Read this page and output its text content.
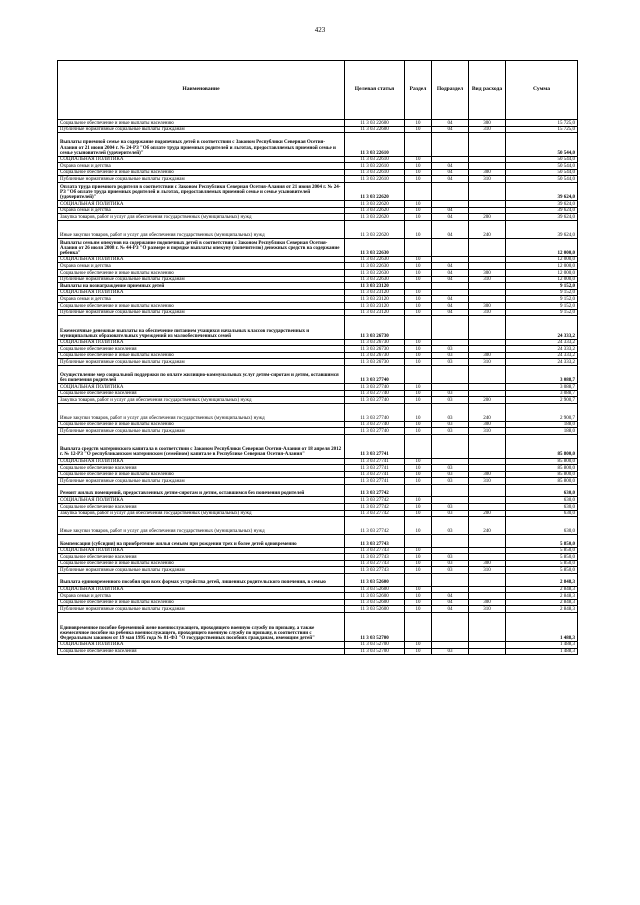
423
Наименование	Целевая статья	Раздел	Подраздел	Вид расхода	Сумма
Социальное обеспечение и иные выплаты населению	11 3 03 22600	10	04	300	15 725,0
Публичные нормативные социальные выплаты гражданам	11 3 03 22600	10	04	310	15 725,0
Выплаты приемной семье на содержание подопечных детей в соответствии с Законом Республики Северная Осетия-Алания от 21 июня 2004 г. № 24-РЗ "Об оплате труда приемных родителей и льготах, предоставляемых приемной семье и семье усыновителей (удочерителей)"	11 3 03 22610				50 544,0
СОЦИАЛЬНАЯ ПОЛИТИКА	11 3 03 22610	10			50 544,0
Охрана семьи и детства	11 3 03 22610	10	04		50 544,0
Социальное обеспечение и иные выплаты населению	11 3 03 22610	10	04	300	50 544,0
Публичные нормативные социальные выплаты гражданам	11 3 03 22610	10	04	310	50 544,0
Оплата труда приемного родителя в соответствии с Законом Республики Северная Осетия-Алания от 21 июня 2004 г. № 24-РЗ "Об оплате труда приемных родителей и льготах, предоставляемых приемной семье и семье усыновителей (удочерителей)"	11 3 03 22620				39 624,0
СОЦИАЛЬНАЯ ПОЛИТИКА	11 3 03 22620	10			39 624,0
Охрана семьи и детства	11 3 03 22620	10	04		39 624,0
Закупка товаров, работ и услуг для обеспечения государственных (муниципальных) нужд	11 3 03 22620	10	04	200	39 624,0
Иные закупки товаров, работ и услуг для обеспечения государственных (муниципальных) нужд	11 3 03 22620	10	04	240	39 624,0
Выплаты семьям опекунов на содержание подопечных детей в соответствии с Законом Республики Северная Осетия-Алания от 26 июля 2008 г. № 44-РЗ "О размере и порядке выплаты опекуну (попечителю) денежных средств на содержание ребенка"	11 3 03 22630				12 000,0
СОЦИАЛЬНАЯ ПОЛИТИКА	11 3 03 22630	10			12 000,0
Охрана семьи и детства	11 3 03 22630	10	04		12 000,0
Социальное обеспечение и иные выплаты населению	11 3 03 22630	10	04	300	12 000,0
Публичные нормативные социальные выплаты гражданам	11 3 03 22630	10	04	310	12 000,0
Выплаты на вознаграждение приемных детей	11 3 03 23120				9 152,0
СОЦИАЛЬНАЯ ПОЛИТИКА	11 3 03 23120	10			9 152,0
Охрана семьи и детства	11 3 03 23120	10	04		9 152,0
Социальное обеспечение и иные выплаты населению	11 3 03 23120	10	04	300	9 152,0
Публичные нормативные социальные выплаты гражданам	11 3 03 23120	10	04	310	9 152,0
Ежемесячные денежные выплаты на обеспечение питанием учащихся начальных классов государственных и муниципальных образовательных учреждений из малообеспеченных семей	11 3 03 26730				24 333,2
СОЦИАЛЬНАЯ ПОЛИТИКА	11 3 03 26730	10			24 333,2
Социальное обеспечение населения	11 3 03 26730	10	03		24 333,2
Социальное обеспечение и иные выплаты населению	11 3 03 26730	10	03	300	24 333,2
Публичные нормативные социальные выплаты гражданам	11 3 03 26730	10	03	310	24 333,2
Осуществление мер социальной поддержки по оплате жилищно-коммунальных услуг детям-сиротам и детям, оставшимся без попечения родителей	11 3 03 27740				3 088,7
СОЦИАЛЬНАЯ ПОЛИТИКА	11 3 03 27740	10			3 088,7
Социальное обеспечение населения	11 3 03 27740	10	03		3 088,7
Закупка товаров, работ и услуг для обеспечения государственных (муниципальных) нужд	11 3 03 27740	10	03	200	2 900,7
Иные закупки товаров, работ и услуг для обеспечения государственных (муниципальных) нужд	11 3 03 27740	10	03	240	2 900,7
Социальное обеспечение и иные выплаты населению	11 3 03 27740	10	03	300	188,0
Публичные нормативные социальные выплаты гражданам	11 3 03 27740	10	03	310	188,0
Выплата средств материнского капитала в соответствии с Законом Республики Северная Осетия-Алания от 18 апреля 2012 г. № 12-РЗ "О республиканском материнском (семейном) капитале в Республике Северная Осетия-Алания"	11 3 03 27741				85 800,0
СОЦИАЛЬНАЯ ПОЛИТИКА	11 3 03 27741	10			85 800,0
Социальное обеспечение населения	11 3 03 27741	10	03		85 800,0
Социальное обеспечение и иные выплаты населению	11 3 03 27741	10	03	300	85 800,0
Публичные нормативные социальные выплаты гражданам	11 3 03 27741	10	03	310	85 800,0
Ремонт жилых помещений, предоставленных детям-сиротам и детям, оставшимся без попечения родителей	11 3 03 27742				630,0
СОЦИАЛЬНАЯ ПОЛИТИКА	11 3 03 27742	10			630,0
Социальное обеспечение населения	11 3 03 27742	10	03		630,0
Закупка товаров, работ и услуг для обеспечения государственных (муниципальных) нужд	11 3 03 27742	10	03	200	630,0
Иные закупки товаров, работ и услуг для обеспечения государственных (муниципальных) нужд	11 3 03 27742	10	03	240	630,0
Компенсация (субсидия) на приобретение жилья семьям при рождении трех и более детей одновременно	11 3 03 27743				5 850,0
СОЦИАЛЬНАЯ ПОЛИТИКА	11 3 03 27743	10			5 850,0
Социальное обеспечение населения	11 3 03 27743	10	03		5 850,0
Социальное обеспечение и иные выплаты населению	11 3 03 27743	10	03	300	5 850,0
Публичные нормативные социальные выплаты гражданам	11 3 03 27743	10	03	310	5 850,0
Выплата единовременного пособия при всех формах устройства детей, лишенных родительского попечения, в семью	11 3 03 52600				2 848,3
СОЦИАЛЬНАЯ ПОЛИТИКА	11 3 03 52600	10			2 848,3
Охрана семьи и детства	11 3 03 52600	10	04		2 848,3
Социальное обеспечение и иные выплаты населению	11 3 03 52600	10	04	300	2 848,3
Публичные нормативные социальные выплаты гражданам	11 3 03 52600	10	04	310	2 848,3
Единовременное пособие беременной жене военнослужащего, проходящего военную службу по призыву, а также ежемесячное пособие на ребенка военнослужащего, проходящего военную службу по призыву, в соответствии с Федеральным законом от 19 мая 1995 года № 81-ФЗ "О государственных пособиях гражданам, имеющим детей"	11 3 03 52700				1 488,3
СОЦИАЛЬНАЯ ПОЛИТИКА	11 3 03 52700	10			1 488,3
Социальное обеспечение населения	11 3 03 52700	10	03		1 488,3
